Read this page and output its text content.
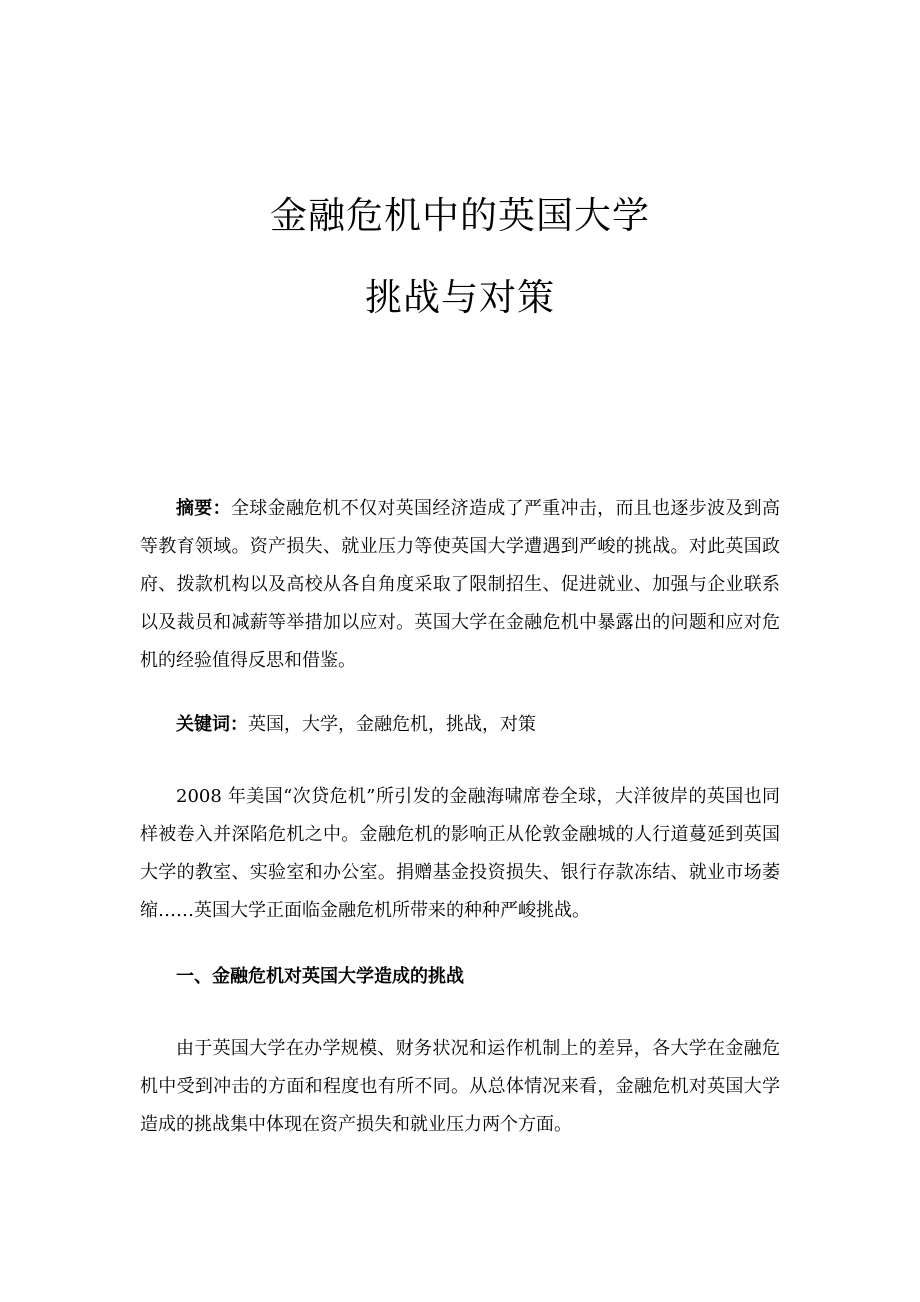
金融危机中的英国大学
挑战与对策

摘要：全球金融危机不仅对英国经济造成了严重冲击，而且也逐步波及到高等教育领域。资产损失、就业压力等使英国大学遭遇到严峻的挑战。对此英国政府、拨款机构以及高校从各自角度采取了限制招生、促进就业、加强与企业联系以及裁员和减薪等举措加以应对。英国大学在金融危机中暴露出的问题和应对危机的经验值得反思和借鉴。

关键词：英国，大学，金融危机，挑战，对策

2008 年美国“次贷危机”所引发的金融海啸席卷全球，大洋彼岸的英国也同样被卷入并深陷危机之中。金融危机的影响正从伦敦金融城的人行道蔓延到英国大学的教室、实验室和办公室。捐赠基金投资损失、银行存款冻结、就业市场萎缩……英国大学正面临金融危机所带来的种种严峻挑战。

一、金融危机对英国大学造成的挑战

由于英国大学在办学规模、财务状况和运作机制上的差异，各大学在金融危机中受到冲击的方面和程度也有所不同。从总体情况来看，金融危机对英国大学造成的挑战集中体现在资产损失和就业压力两个方面。
